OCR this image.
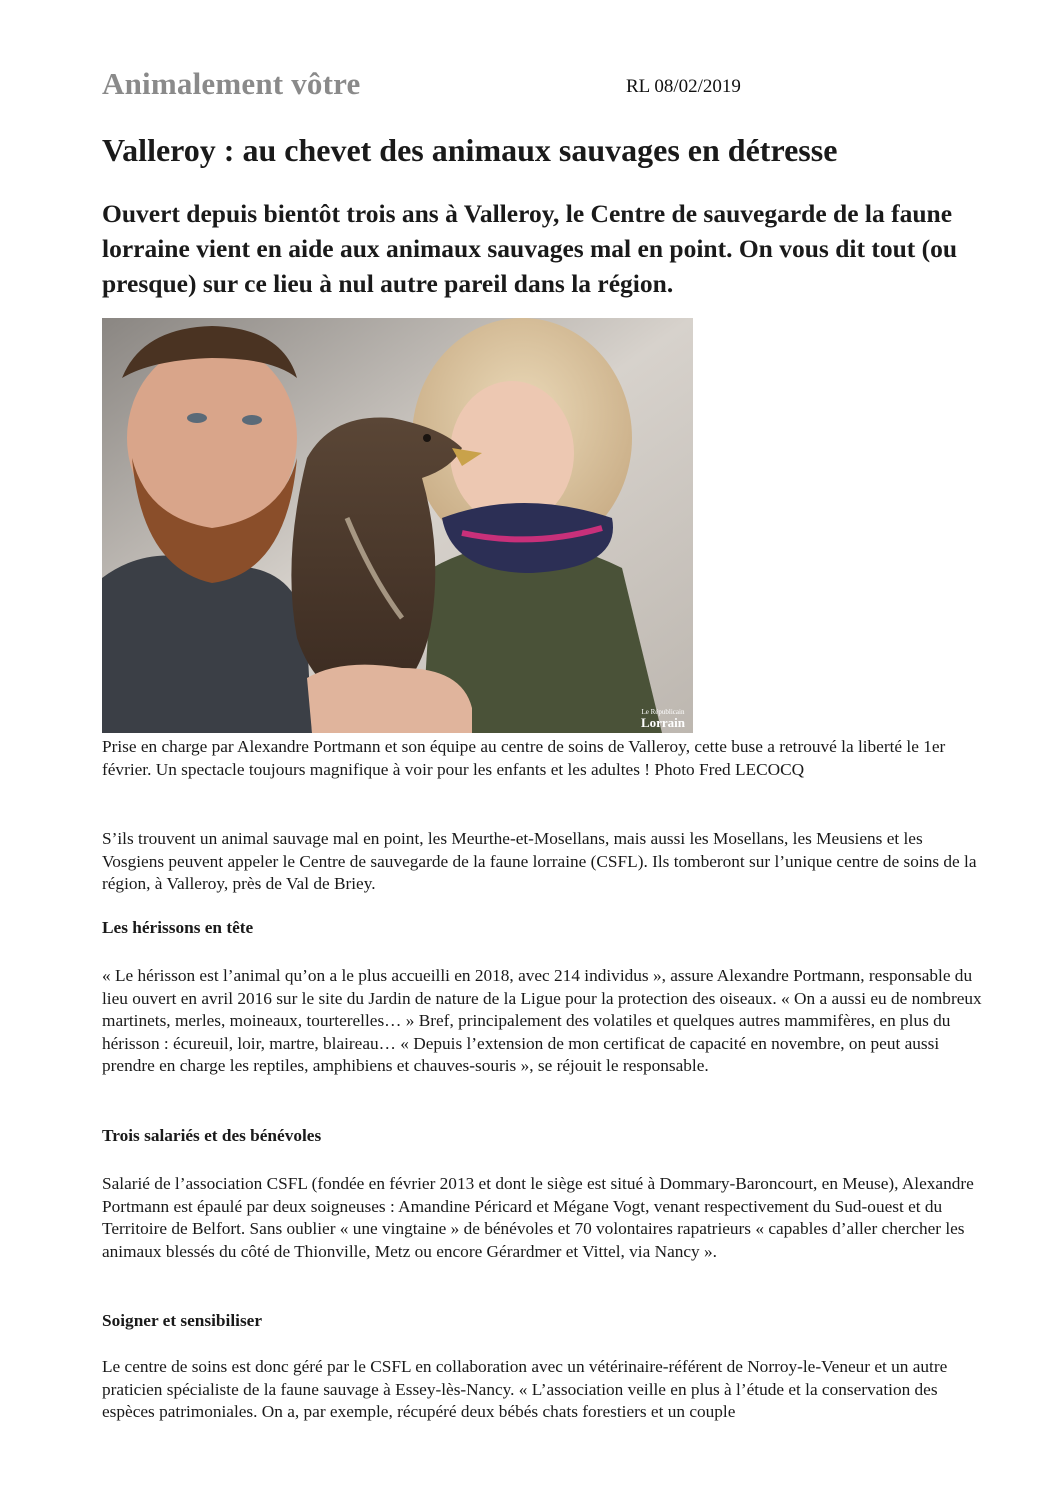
Animalement vôtre	RL 08/02/2019
Valleroy : au chevet des animaux sauvages en détresse

Ouvert depuis bientôt trois ans à Valleroy, le Centre de sauvegarde de la faune lorraine vient en aide aux animaux sauvages mal en point. On vous dit tout (ou presque) sur ce lieu à nul autre pareil dans la région.

Le Républicain
Lorrain

Prise en charge par Alexandre Portmann et son équipe au centre de soins de Valleroy, cette buse a retrouvé la liberté le 1er février. Un spectacle toujours magnifique à voir pour les enfants et les adultes ! Photo Fred LECOCQ

S’ils trouvent un animal sauvage mal en point, les Meurthe-et-Mosellans, mais aussi les Mosellans, les Meusiens et les Vosgiens peuvent appeler le Centre de sauvegarde de la faune lorraine (CSFL). Ils tomberont sur l’unique centre de soins de la région, à Valleroy, près de Val de Briey.

Les hérissons en tête

« Le hérisson est l’animal qu’on a le plus accueilli en 2018, avec 214 individus », assure Alexandre Portmann, responsable du lieu ouvert en avril 2016 sur le site du Jardin de nature de la Ligue pour la protection des oiseaux. « On a aussi eu de nombreux martinets, merles, moineaux, tourterelles… » Bref, principalement des volatiles et quelques autres mammifères, en plus du hérisson : écureuil, loir, martre, blaireau… « Depuis l’extension de mon certificat de capacité en novembre, on peut aussi prendre en charge les reptiles, amphibiens et chauves-souris », se réjouit le responsable.

Trois salariés et des bénévoles

Salarié de l’association CSFL (fondée en février 2013 et dont le siège est situé à Dommary-Baroncourt, en Meuse), Alexandre Portmann est épaulé par deux soigneuses : Amandine Péricard et Mégane Vogt, venant respectivement du Sud-ouest et du Territoire de Belfort. Sans oublier « une vingtaine » de bénévoles et 70 volontaires rapatrieurs « capables d’aller chercher les animaux blessés du côté de Thionville, Metz ou encore Gérardmer et Vittel, via Nancy ».

Soigner et sensibiliser

Le centre de soins est donc géré par le CSFL en collaboration avec un vétérinaire-référent de Norroy-le-Veneur et un autre praticien spécialiste de la faune sauvage à Essey-lès-Nancy. « L’association veille en plus à l’étude et la conservation des espèces patrimoniales. On a, par exemple, récupéré deux bébés chats forestiers et un couple
